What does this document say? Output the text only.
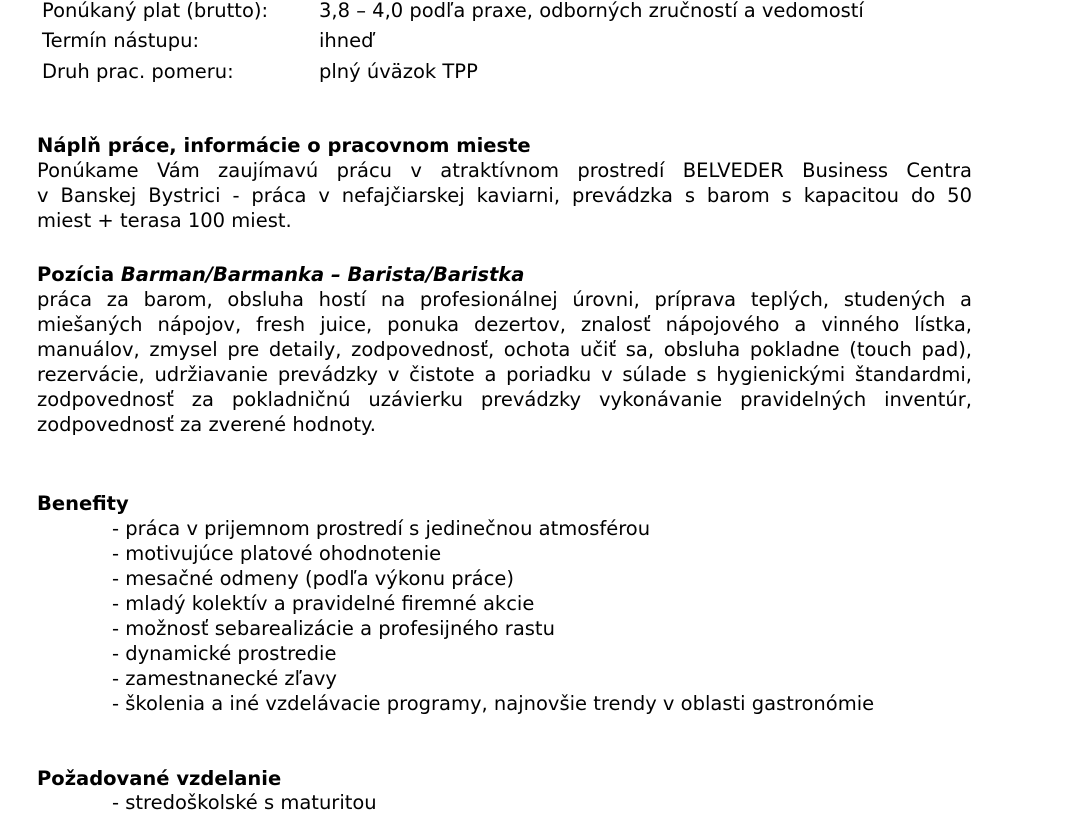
Ponúkaný plat (brutto):	3,8 – 4,0 podľa praxe, odborných zručností a vedomostí
Termín nástupu:	ihneď
Druh prac. pomeru:	plný úväzok TPP
Náplň práce, informácie o pracovnom mieste
Ponúkame Vám zaujímavú prácu v atraktívnom prostredí BELVEDER Business Centra
v Banskej Bystrici - práca v nefajčiarskej kaviarni, prevádzka s barom s kapacitou do 50
miest + terasa 100 miest.
Pozícia Barman/Barmanka – Barista/Baristka
práca za barom, obsluha hostí na profesionálnej úrovni, príprava teplých, studených a
miešaných nápojov, fresh juice, ponuka dezertov, znalosť nápojového a vinného lístka,
manuálov, zmysel pre detaily, zodpovednosť, ochota učiť sa, obsluha pokladne (touch pad),
rezervácie, udržiavanie prevádzky v čistote a poriadku v súlade s hygienickými štandardmi,
zodpovednosť za pokladničnú uzávierku prevádzky vykonávanie pravidelných inventúr,
zodpovednosť za zverené hodnoty.
Benefity
- práca v prijemnom prostredí s jedinečnou atmosférou
- motivujúce platové ohodnotenie
- mesačné odmeny (podľa výkonu práce)
- mladý kolektív a pravidelné firemné akcie
- možnosť sebarealizácie a profesijného rastu
- dynamické prostredie
- zamestnanecké zľavy
- školenia a iné vzdelávacie programy, najnovšie trendy v oblasti gastronómie
Požadované vzdelanie
- stredoškolské s maturitou
